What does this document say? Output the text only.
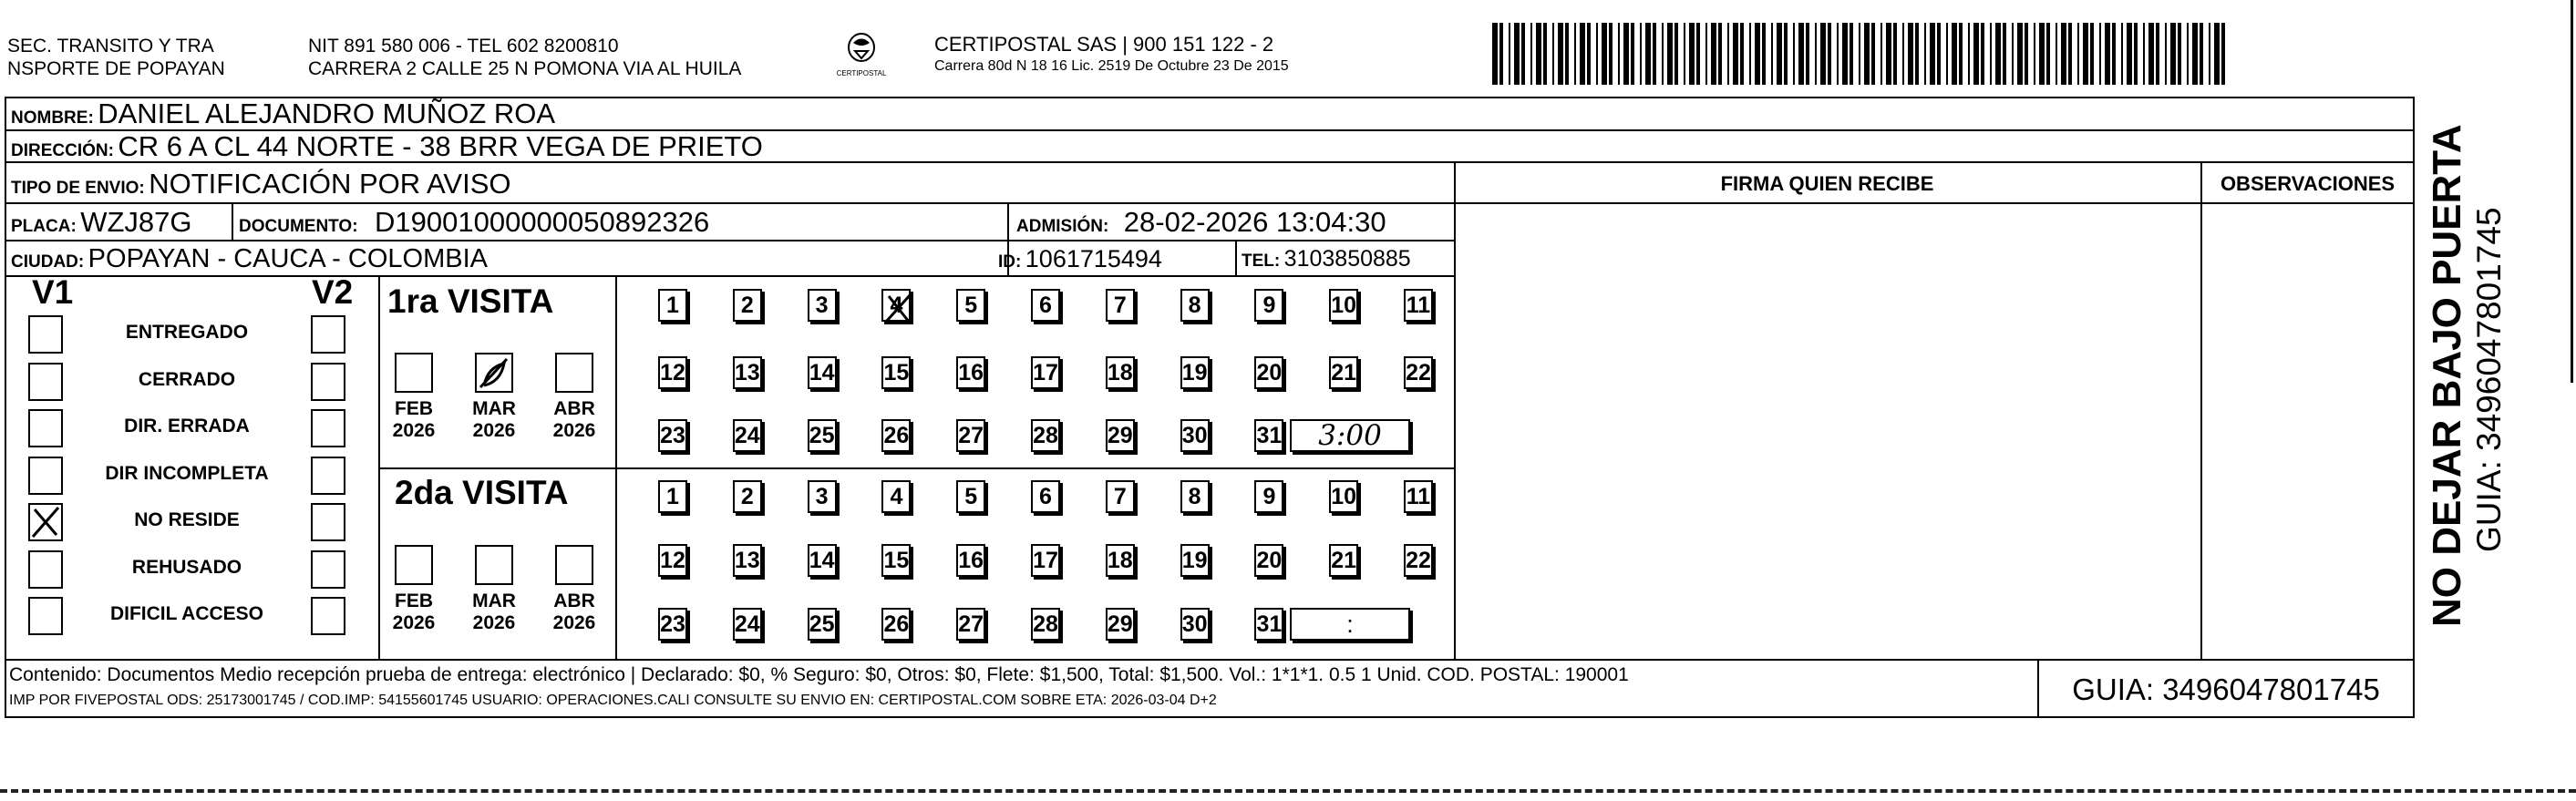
SEC. TRANSITO Y TRA
NSPORTE DE POPAYAN
NIT 891 580 006 - TEL 602 8200810
CARRERA 2 CALLE 25 N POMONA VIA AL HUILA	CERTIPOSTAL
CERTIPOSTAL SAS | 900 151 122 - 2
Carrera 80d N 18 16 Lic. 2519 De Octubre 23 De 2015
NOMBRE: DANIEL ALEJANDRO MUÑOZ ROA
DIRECCIÓN: CR 6 A CL 44 NORTE - 38 BRR VEGA DE PRIETO
TIPO DE ENVIO: NOTIFICACIÓN POR AVISO	FIRMA QUIEN RECIBE	OBSERVACIONES
PLACA: WZJ87G	DOCUMENTO: D19001000000050892326	ADMISIÓN: 28-02-2026 13:04:30
CIUDAD: POPAYAN - CAUCA - COLOMBIA	ID: 1061715494	TEL: 3103850885
V1	V2
ENTREGADO
CERRADO
DIR. ERRADA
DIR INCOMPLETA
NO RESIDE
REHUSADO
DIFICIL ACCESO
1ra VISITA
2da VISITA
FEB
2026
MAR
2026
ABR
2026
FEB
2026
MAR
2026
ABR
2026
1	2	3	4	5	6	7	8	9	10 11
12 13 14 15 16 17 18 19 20 21 22
23 24 25 26 27 28 29 30 31	3:00
1	2	3	4	5	6	7	8	9	10 11
12 13 14 15 16 17 18 19 20 21 22
23 24 25 26 27 28 29 30 31	:
Contenido: Documentos Medio recepción prueba de entrega: electrónico | Declarado: $0, % Seguro: $0, Otros: $0, Flete: $1,500, Total: $1,500. Vol.: 1*1*1. 0.5 1 Unid. COD. POSTAL: 190001
IMP POR FIVEPOSTAL ODS: 25173001745 / COD.IMP: 54155601745 USUARIO: OPERACIONES.CALI CONSULTE SU ENVIO EN: CERTIPOSTAL.COM SOBRE ETA: 2026-03-04 D+2	GUIA: 3496047801745
NO DEJAR BAJO PUERTA GUIA: 3496047801745
